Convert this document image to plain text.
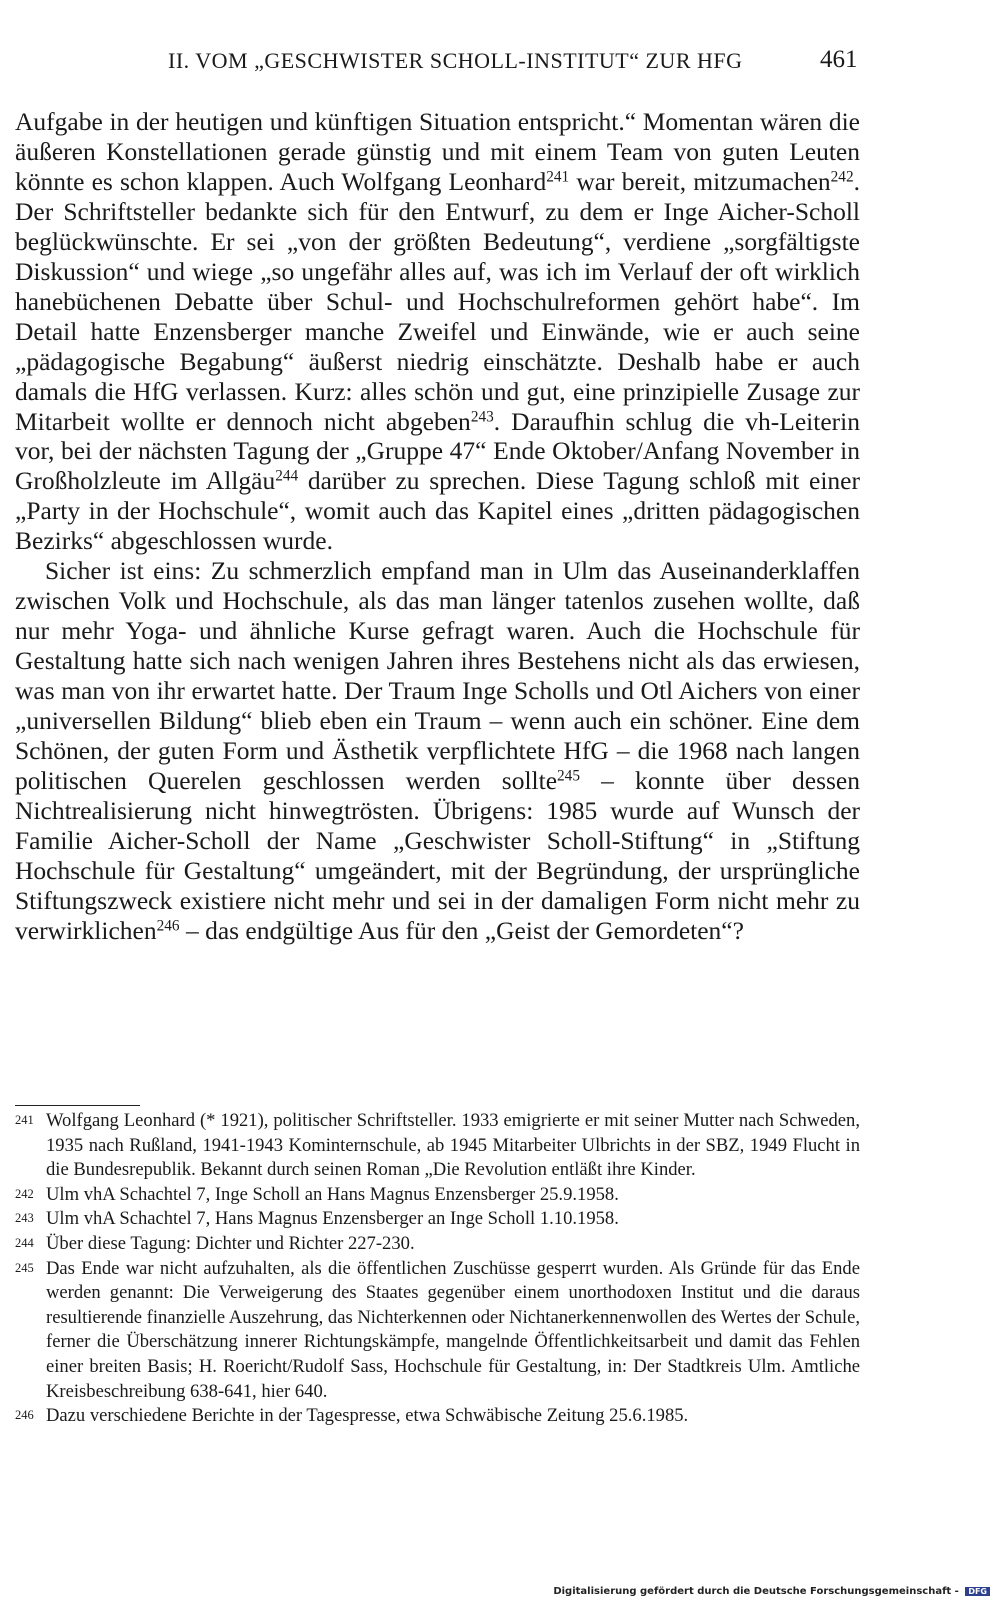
II. VOM „GESCHWISTER SCHOLL-INSTITUT“ ZUR HFG	461

Aufgabe in der heutigen und künftigen Situation entspricht.“ Momentan wären die äußeren Konstellationen gerade günstig und mit einem Team von guten Leuten könnte es schon klappen. Auch Wolfgang Leonhard$^{241}$ war bereit, mitzumachen$^{242}$. Der Schriftsteller bedankte sich für den Entwurf, zu dem er Inge Aicher-Scholl beglückwünschte. Er sei „von der größten Bedeutung“, verdiene „sorgfältigste Diskussion“ und wiege „so ungefähr alles auf, was ich im Verlauf der oft wirklich hanebüchenen Debatte über Schul- und Hochschulreformen gehört habe“. Im Detail hatte Enzensberger manche Zweifel und Einwände, wie er auch seine „pädagogische Begabung“ äußerst niedrig einschätzte. Deshalb habe er auch damals die HfG verlassen. Kurz: alles schön und gut, eine prinzipielle Zusage zur Mitarbeit wollte er dennoch nicht abgeben$^{243}$. Daraufhin schlug die vh-Leiterin vor, bei der nächsten Tagung der „Gruppe 47“ Ende Oktober/Anfang November in Großholzleute im Allgäu$^{244}$ darüber zu sprechen. Diese Tagung schloß mit einer „Party in der Hochschule“, womit auch das Kapitel eines „dritten pädagogischen Bezirks“ abgeschlossen wurde.

Sicher ist eins: Zu schmerzlich empfand man in Ulm das Auseinanderklaffen zwischen Volk und Hochschule, als das man länger tatenlos zusehen wollte, daß nur mehr Yoga- und ähnliche Kurse gefragt waren. Auch die Hochschule für Gestaltung hatte sich nach wenigen Jahren ihres Bestehens nicht als das erwiesen, was man von ihr erwartet hatte. Der Traum Inge Scholls und Otl Aichers von einer „universellen Bildung“ blieb eben ein Traum – wenn auch ein schöner. Eine dem Schönen, der guten Form und Ästhetik verpflichtete HfG – die 1968 nach langen politischen Querelen geschlossen werden sollte$^{245}$ – konnte über dessen Nichtrealisierung nicht hinwegtrösten. Übrigens: 1985 wurde auf Wunsch der Familie Aicher-Scholl der Name „Geschwister Scholl-Stiftung“ in „Stiftung Hochschule für Gestaltung“ umgeändert, mit der Begründung, der ursprüngliche Stiftungszweck existiere nicht mehr und sei in der damaligen Form nicht mehr zu verwirklichen$^{246}$ – das endgültige Aus für den „Geist der Gemordeten“?

241 Wolfgang Leonhard (* 1921), politischer Schriftsteller. 1933 emigrierte er mit seiner Mutter nach Schweden, 1935 nach Rußland, 1941-1943 Kominternschule, ab 1945 Mitarbeiter Ulbrichts in der SBZ, 1949 Flucht in die Bundesrepublik. Bekannt durch seinen Roman „Die Revolution entläßt ihre Kinder.

242 Ulm vhA Schachtel 7, Inge Scholl an Hans Magnus Enzensberger 25.9.1958.

243 Ulm vhA Schachtel 7, Hans Magnus Enzensberger an Inge Scholl 1.10.1958.

244 Über diese Tagung: Dichter und Richter 227-230.

245 Das Ende war nicht aufzuhalten, als die öffentlichen Zuschüsse gesperrt wurden. Als Gründe für das Ende werden genannt: Die Verweigerung des Staates gegenüber einem unorthodoxen Institut und die daraus resultierende finanzielle Auszehrung, das Nichterkennen oder Nichtanerkennenwollen des Wertes der Schule, ferner die Überschätzung innerer Richtungskämpfe, mangelnde Öffentlichkeitsarbeit und damit das Fehlen einer breiten Basis; H. Roericht/Rudolf Sass, Hochschule für Gestaltung, in: Der Stadtkreis Ulm. Amtliche Kreisbeschreibung 638-641, hier 640.

246 Dazu verschiedene Berichte in der Tagespresse, etwa Schwäbische Zeitung 25.6.1985.

Digitalisierung gefördert durch die Deutsche Forschungsgemeinschaft - DFG
